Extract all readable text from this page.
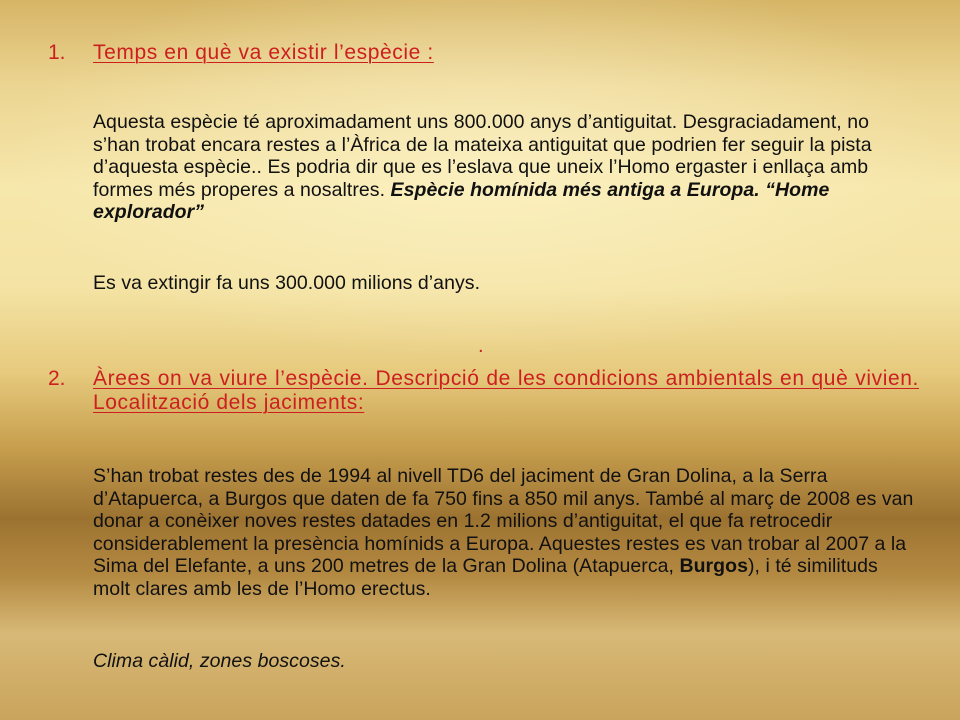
1. Temps en què va existir l’espècie :

Aquesta espècie té aproximadament uns 800.000 anys d’antiguitat. Desgraciadament, no s’han trobat encara restes a l’Àfrica de la mateixa antiguitat que podrien fer seguir la pista d’aquesta espècie.. Es podria dir que es l’eslava que uneix l’Homo ergaster i enllaça amb formes més properes a nosaltres. Espècie homínida més antiga a Europa. “Home explorador”

Es va extingir fa uns 300.000 milions d’anys.

.
2. Àrees on va viure l’espècie. Descripció de les condicions ambientals en què vivien. Localització dels jaciments:

S’han trobat restes des de 1994 al nivell TD6 del jaciment de Gran Dolina, a la Serra d’Atapuerca, a Burgos que daten de fa 750 fins a 850 mil anys. També al març de 2008 es van donar a conèixer noves restes datades en 1.2 milions d’antiguitat, el que fa retrocedir considerablement la presència homínids a Europa. Aquestes restes es van trobar al 2007 a la Sima del Elefante, a uns 200 metres de la Gran Dolina (Atapuerca, Burgos), i té similituds molt clares amb les de l’Homo erectus.

Clima càlid, zones boscoses.
